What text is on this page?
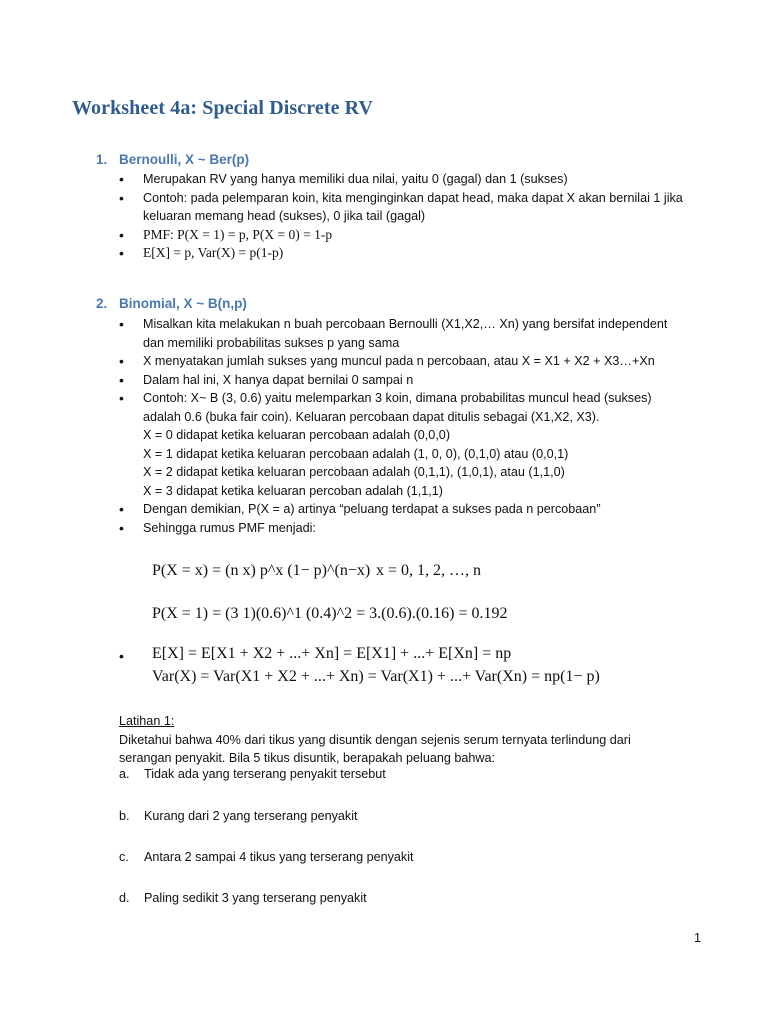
Worksheet 4a: Special Discrete RV
1. Bernoulli, X ~ Ber(p)
• Merupakan RV yang hanya memiliki dua nilai, yaitu 0 (gagal) dan 1 (sukses)
• Contoh: pada pelemparan koin, kita menginginkan dapat head, maka dapat X akan bernilai 1 jika
keluaran memang head (sukses), 0 jika tail (gagal)
• PMF: P(X = 1) = p, P(X = 0) = 1-p
• E[X] = p, Var(X) = p(1-p)
2. Binomial, X ~ B(n,p)
• Misalkan kita melakukan n buah percobaan Bernoulli (X1,X2,… Xn) yang bersifat independent
dan memiliki probabilitas sukses p yang sama
• X menyatakan jumlah sukses yang muncul pada n percobaan, atau X = X1 + X2 + X3…+Xn
• Dalam hal ini, X hanya dapat bernilai 0 sampai n
• Contoh: X~ B (3, 0.6) yaitu melemparkan 3 koin, dimana probabilitas muncul head (sukses)
adalah 0.6 (buka fair coin). Keluaran percobaan dapat ditulis sebagai (X1,X2, X3).
X = 0 didapat ketika keluaran percobaan adalah (0,0,0)
X = 1 didapat ketika keluaran percobaan adalah (1, 0, 0), (0,1,0) atau (0,0,1)
X = 2 didapat ketika keluaran percobaan adalah (0,1,1), (1,0,1), atau (1,1,0)
X = 3 didapat ketika keluaran percoban adalah (1,1,1)
• Dengan demikian, P(X = a) artinya “peluang terdapat a sukses pada n percobaan”
• Sehingga rumus PMF menjadi:
P(X = x) = (n x) p^x (1− p)^(n−x) x = 0, 1, 2, …, n
P(X = 1) = (3 1)(0.6)^1 (0.4)^2 = 3.(0.6).(0.16) = 0.192
• E[X] = E[X1 + X2 + ...+ Xn] = E[X1] + ...+ E[Xn] = np
Var(X) = Var(X1 + X2 + ...+ Xn) = Var(X1) + ...+ Var(Xn) = np(1− p)
Latihan 1:
Diketahui bahwa 40% dari tikus yang disuntik dengan sejenis serum ternyata terlindung dari
serangan penyakit. Bila 5 tikus disuntik, berapakah peluang bahwa:
a. Tidak ada yang terserang penyakit tersebut
b. Kurang dari 2 yang terserang penyakit
c. Antara 2 sampai 4 tikus yang terserang penyakit
d. Paling sedikit 3 yang terserang penyakit
1
